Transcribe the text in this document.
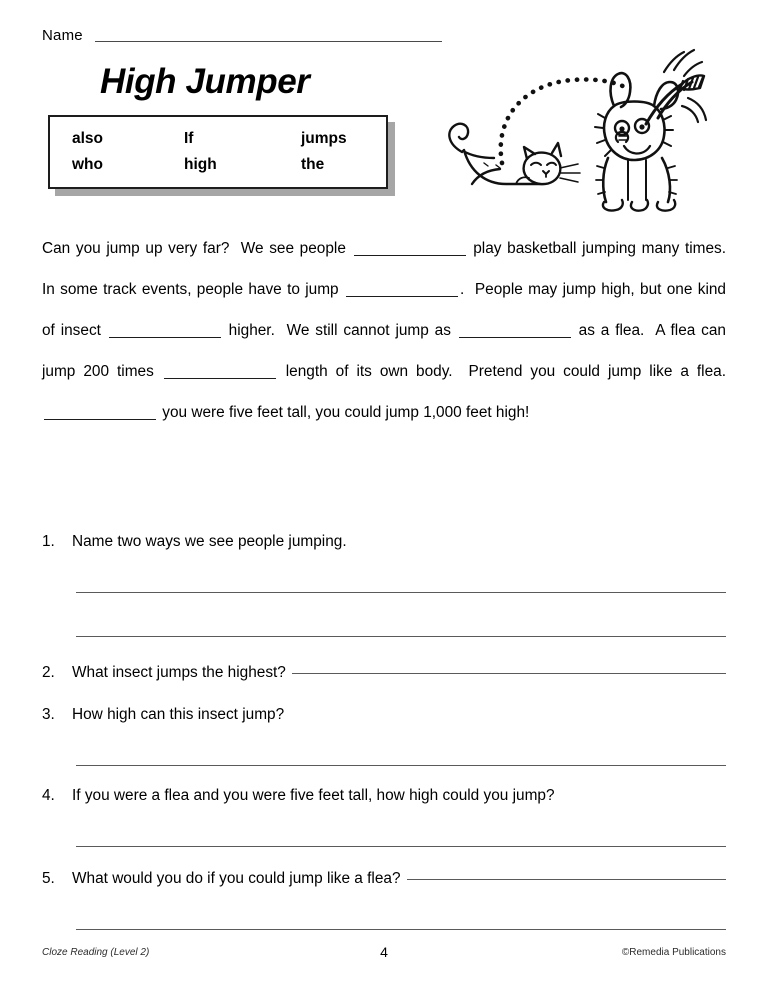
Name
High Jumper
also	If	jumps
who	high	the
Can you jump up very far?  We see people	play basketball jumping many times.  In some track events, people have to jump	.  People may jump high, but one kind of insect	higher.  We still cannot jump as	as a flea.  A flea can jump 200 times	length of its own body.  Pretend you could jump like a flea.   you were five feet tall, you could jump 1,000 feet high!
1.	Name two ways we see people jumping.
2.	What insect jumps the highest?
3.	How high can this insect jump?
4.	If you were a flea and you were five feet tall, how high could you jump?
5.	What would you do if you could jump like a flea?
Cloze Reading (Level 2)	4	©Remedia Publications
